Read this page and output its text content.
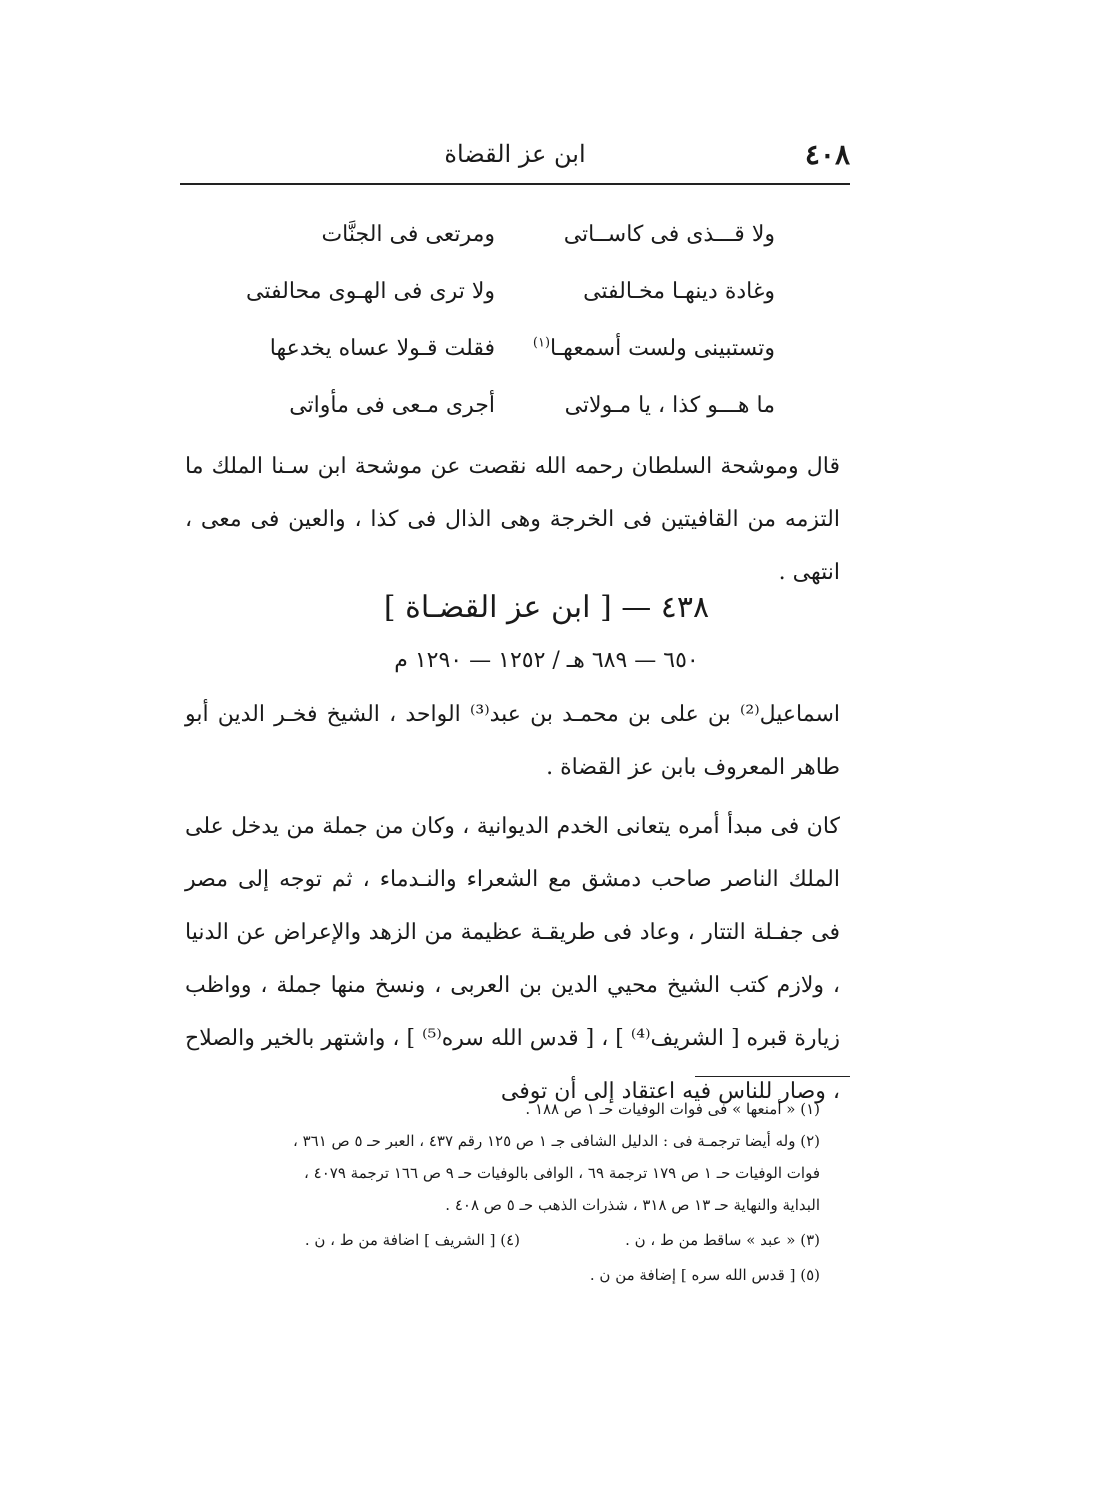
٤٠٨
ابن عز القضاة
ولا قـــذى فى كاســاتى
ومرتعى فى الجنَّات
وغادة دينهـا مخـالفتى
ولا ترى فى الهـوى محالفتى
وتستبينى ولست أسمعهـا$^{(١)}$
فقلت قـولا عساه يخدعها
ما هـــو كذا ، يا مـولاتى
أجرى مـعى فى مأواتى

قال وموشحة السلطان رحمه الله نقصت عن موشحة ابن سـنا الملك ما التزمه من القافيتين فى الخرجة وهى الذال فى كذا ، والعين فى معى ، انتهى .

٤٣٨ — [ ابن عز القضـاة ]
٦٥٠ — ٦٨٩ هـ / ١٢٥٢ — ١٢٩٠ م

اسماعيل⁽²⁾ بن على بن محمـد بن عبد⁽³⁾ الواحد ، الشيخ فخـر الدين أبو طاهر المعروف بابن عز القضاة .

كان فى مبدأ أمره يتعانى الخدم الديوانية ، وكان من جملة من يدخل على الملك الناصر صاحب دمشق مع الشعراء والنـدماء ، ثم توجه إلى مصر فى جفـلة التتار ، وعاد فى طريقـة عظيمة من الزهد والإعراض عن الدنيا ، ولازم كتب الشيخ محيي الدين بن العربى ، ونسخ منها جملة ، وواظب زيارة قبره [ الشريف⁽⁴⁾ ] ، [ قدس الله سره⁽⁵⁾ ] ، واشتهر بالخير والصلاح ، وصار للناس فيه اعتقاد إلى أن توفى

(١) « أمنعها » فى فوات الوفيات حـ ١ ص ١٨٨ .
(٢) وله أيضا ترجمـة فى : الدليل الشافى جـ ١ ص ١٢٥ رقم ٤٣٧ ، العبر حـ ٥ ص ٣٦١ ،
فوات الوفيات حـ ١ ص ١٧٩ ترجمة ٦٩ ، الوافى بالوفيات حـ ٩ ص ١٦٦ ترجمة ٤٠٧٩ ،
البداية والنهاية حـ ١٣ ص ٣١٨ ، شذرات الذهب حـ ٥ ص ٤٠٨ .
(٣) « عبد » ساقط من ط ، ن .
(٤) [ الشريف ] اضافة من ط ، ن .
(٥) [ قدس الله سره ] إضافة من ن .
